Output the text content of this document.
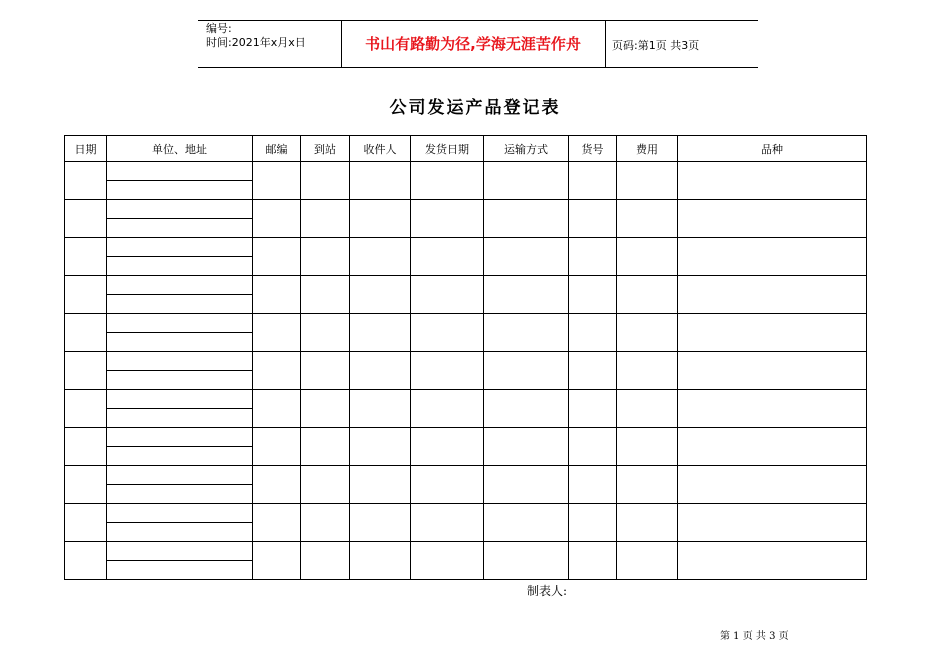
编号:
时间:2021年x月x日	书山有路勤为径,学海无涯苦作舟	页码:第1页 共3页
公司发运产品登记表
日期	单位、地址	邮编	到站	收件人	发货日期	运输方式	货号	费用	品种

制表人:
第 1 页 共 3 页
